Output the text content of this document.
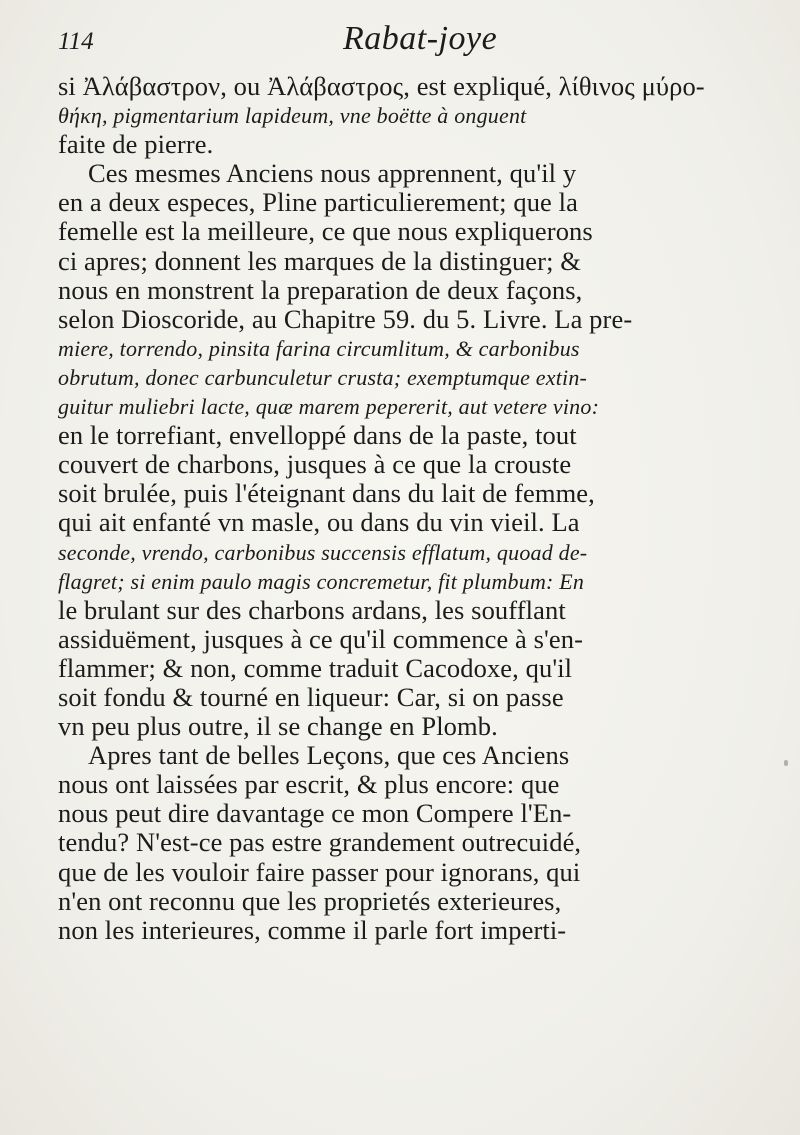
114	Rabat-joye
si Ἀλάβαστρον, ou Ἀλάβαστρος, est expliqué, λίθινος μύρο-
θήκη, pigmentarium lapideum, vne boëtte à onguent
faite de pierre.
Ces mesmes Anciens nous apprennent, qu'il y
en a deux especes, Pline particulierement; que la
femelle est la meilleure, ce que nous expliquerons
ci apres; donnent les marques de la distinguer; &
nous en monstrent la preparation de deux façons,
selon Dioscoride, au Chapitre 59. du 5. Livre. La pre-
miere, torrendo, pinsita farina circumlitum, & carbonibus
obrutum, donec carbunculetur crusta; exemptumque extin-
guitur muliebri lacte, quæ marem pepererit, aut vetere vino:
en le torrefiant, envelloppé dans de la paste, tout
couvert de charbons, jusques à ce que la crouste
soit brulée, puis l'éteignant dans du lait de femme,
qui ait enfanté vn masle, ou dans du vin vieil. La
seconde, vrendo, carbonibus succensis efflatum, quoad de-
flagret; si enim paulo magis concremetur, fit plumbum: En
le brulant sur des charbons ardans, les soufflant
assiduëment, jusques à ce qu'il commence à s'en-
flammer; & non, comme traduit Cacodoxe, qu'il
soit fondu & tourné en liqueur: Car, si on passe
vn peu plus outre, il se change en Plomb.
Apres tant de belles Leçons, que ces Anciens
nous ont laissées par escrit, & plus encore: que
nous peut dire davantage ce mon Compere l'En-
tendu? N'est-ce pas estre grandement outrecuidé,
que de les vouloir faire passer pour ignorans, qui
n'en ont reconnu que les proprietés exterieures,
non les interieures, comme il parle fort imperti-
